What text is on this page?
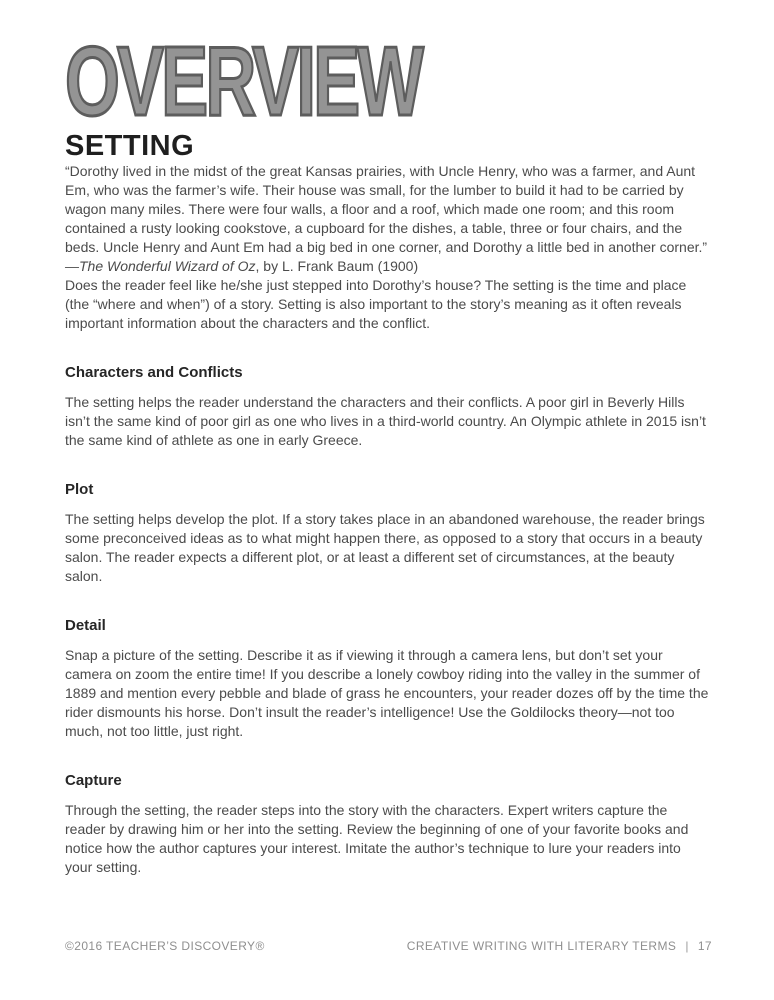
OVERVIEW
SETTING

“Dorothy lived in the midst of the great Kansas prairies, with Uncle Henry, who was a farmer, and Aunt Em, who was the farmer’s wife. Their house was small, for the lumber to build it had to be carried by wagon many miles. There were four walls, a floor and a roof, which made one room; and this room contained a rusty looking cookstove, a cupboard for the dishes, a table, three or four chairs, and the beds. Uncle Henry and Aunt Em had a big bed in one corner, and Dorothy a little bed in another corner.”

—The Wonderful Wizard of Oz, by L. Frank Baum (1900)

Does the reader feel like he/she just stepped into Dorothy’s house? The setting is the time and place (the “where and when”) of a story. Setting is also important to the story’s meaning as it often reveals important information about the characters and the conflict.

Characters and Conflicts

The setting helps the reader understand the characters and their conflicts. A poor girl in Beverly Hills isn’t the same kind of poor girl as one who lives in a third-world country. An Olympic athlete in 2015 isn’t the same kind of athlete as one in early Greece.

Plot

The setting helps develop the plot. If a story takes place in an abandoned warehouse, the reader brings some preconceived ideas as to what might happen there, as opposed to a story that occurs in a beauty salon. The reader expects a different plot, or at least a different set of circumstances, at the beauty salon.

Detail

Snap a picture of the setting. Describe it as if viewing it through a camera lens, but don’t set your camera on zoom the entire time! If you describe a lonely cowboy riding into the valley in the summer of 1889 and mention every pebble and blade of grass he encounters, your reader dozes off by the time the rider dismounts his horse. Don’t insult the reader’s intelligence! Use the Goldilocks theory—not too much, not too little, just right.

Capture

Through the setting, the reader steps into the story with the characters. Expert writers capture the reader by drawing him or her into the setting. Review the beginning of one of your favorite books and notice how the author captures your interest. Imitate the author’s technique to lure your readers into your setting.

©2016 TEACHER’S DISCOVERY®	CREATIVE WRITING WITH LITERARY TERMS | 17
